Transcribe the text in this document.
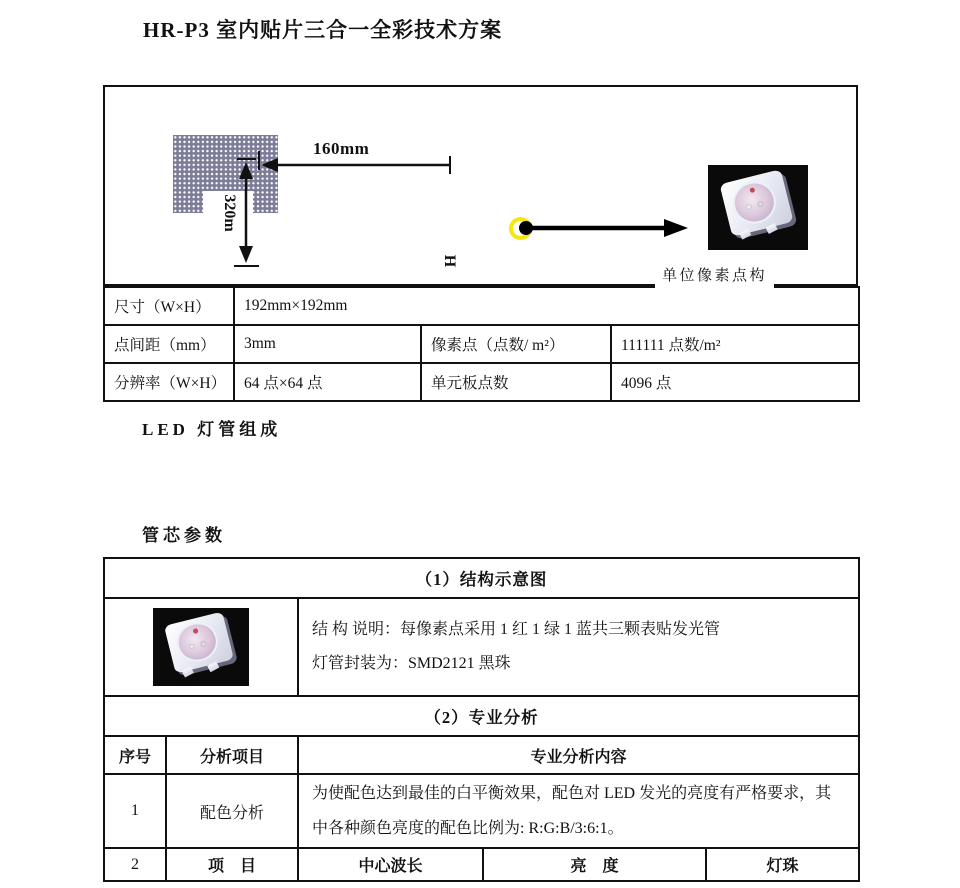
HR-P3 室内贴片三合一全彩技术方案
160mm
320m
H
单位像素点构
尺寸（W×H）	192mm×192mm		
点间距（mm）	3mm	像素点（点数/ m²）	111111 点数/m²
分辨率（W×H）	64 点×64 点	单元板点数	4096 点
LED 灯管组成
管芯参数
（1）结构示意图				

		结 构 说明：每像素点采用 1 红 1 绿 1 蓝共三颗表贴发光管
灯管封装为：SMD2121 黑珠		

（2）专业分析				
序号	分析项目	专业分析内容		
1	配色分析	为使配色达到最佳的白平衡效果，配色对 LED 发光的亮度有严格要求，其
中各种颜色亮度的配色比例为: R:G:B/3:6:1。		

2	项　目	中心波长	亮　度	灯珠
